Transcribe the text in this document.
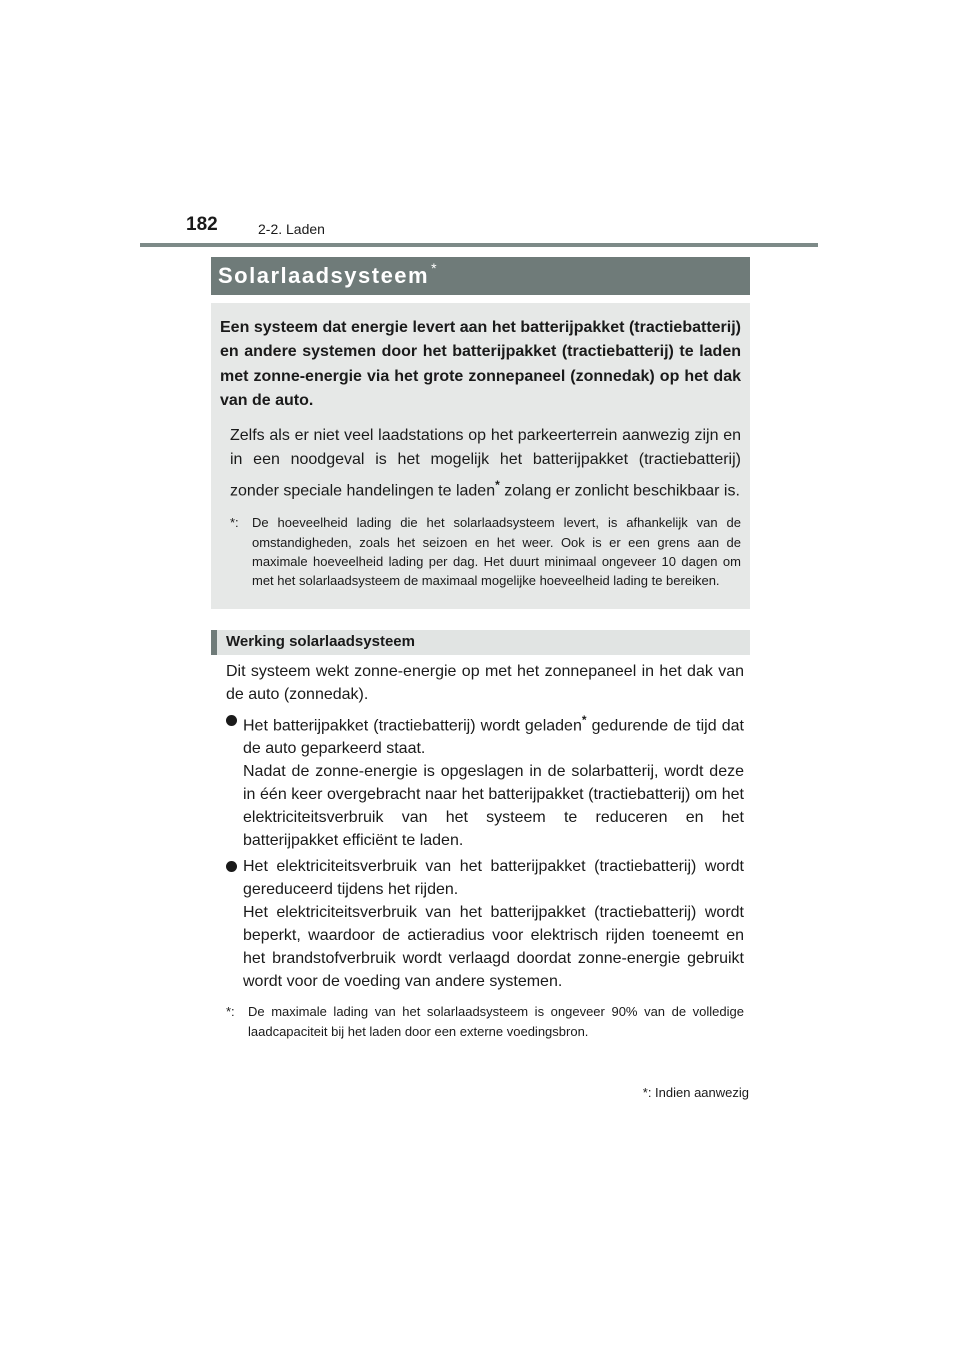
182	2-2. Laden
Solarlaadsysteem *

Een systeem dat energie levert aan het batterijpakket (tractiebatterij) en andere systemen door het batterijpakket (tractiebatterij) te laden met zonne-energie via het grote zonnepaneel (zonnedak) op het dak van de auto.

Zelfs als er niet veel laadstations op het parkeerterrein aanwezig zijn en in een noodgeval is het mogelijk het batterijpakket (tractiebatterij) zonder speciale handelingen te laden* zolang er zonlicht beschikbaar is.

*: De hoeveelheid lading die het solarlaadsysteem levert, is afhankelijk van de omstandigheden, zoals het seizoen en het weer. Ook is er een grens aan de maximale hoeveelheid lading per dag. Het duurt minimaal ongeveer 10 dagen om met het solarlaadsysteem de maximaal mogelijke hoeveelheid lading te bereiken.
Werking solarlaadsysteem

Dit systeem wekt zonne-energie op met het zonnepaneel in het dak van de auto (zonnedak).

Het batterijpakket (tractiebatterij) wordt geladen* gedurende de tijd dat de auto geparkeerd staat.

Nadat de zonne-energie is opgeslagen in de solarbatterij, wordt deze in één keer overgebracht naar het batterijpakket (tractiebatterij) om het elektriciteitsverbruik van het systeem te reduceren en het batterijpakket efficiënt te laden.

Het elektriciteitsverbruik van het batterijpakket (tractiebatterij) wordt gereduceerd tijdens het rijden.

Het elektriciteitsverbruik van het batterijpakket (tractiebatterij) wordt beperkt, waardoor de actieradius voor elektrisch rijden toeneemt en het brandstofverbruik wordt verlaagd doordat zonne-energie gebruikt wordt voor de voeding van andere systemen.

*: De maximale lading van het solarlaadsysteem is ongeveer 90% van de volledige laadcapaciteit bij het laden door een externe voedingsbron.
*: Indien aanwezig
